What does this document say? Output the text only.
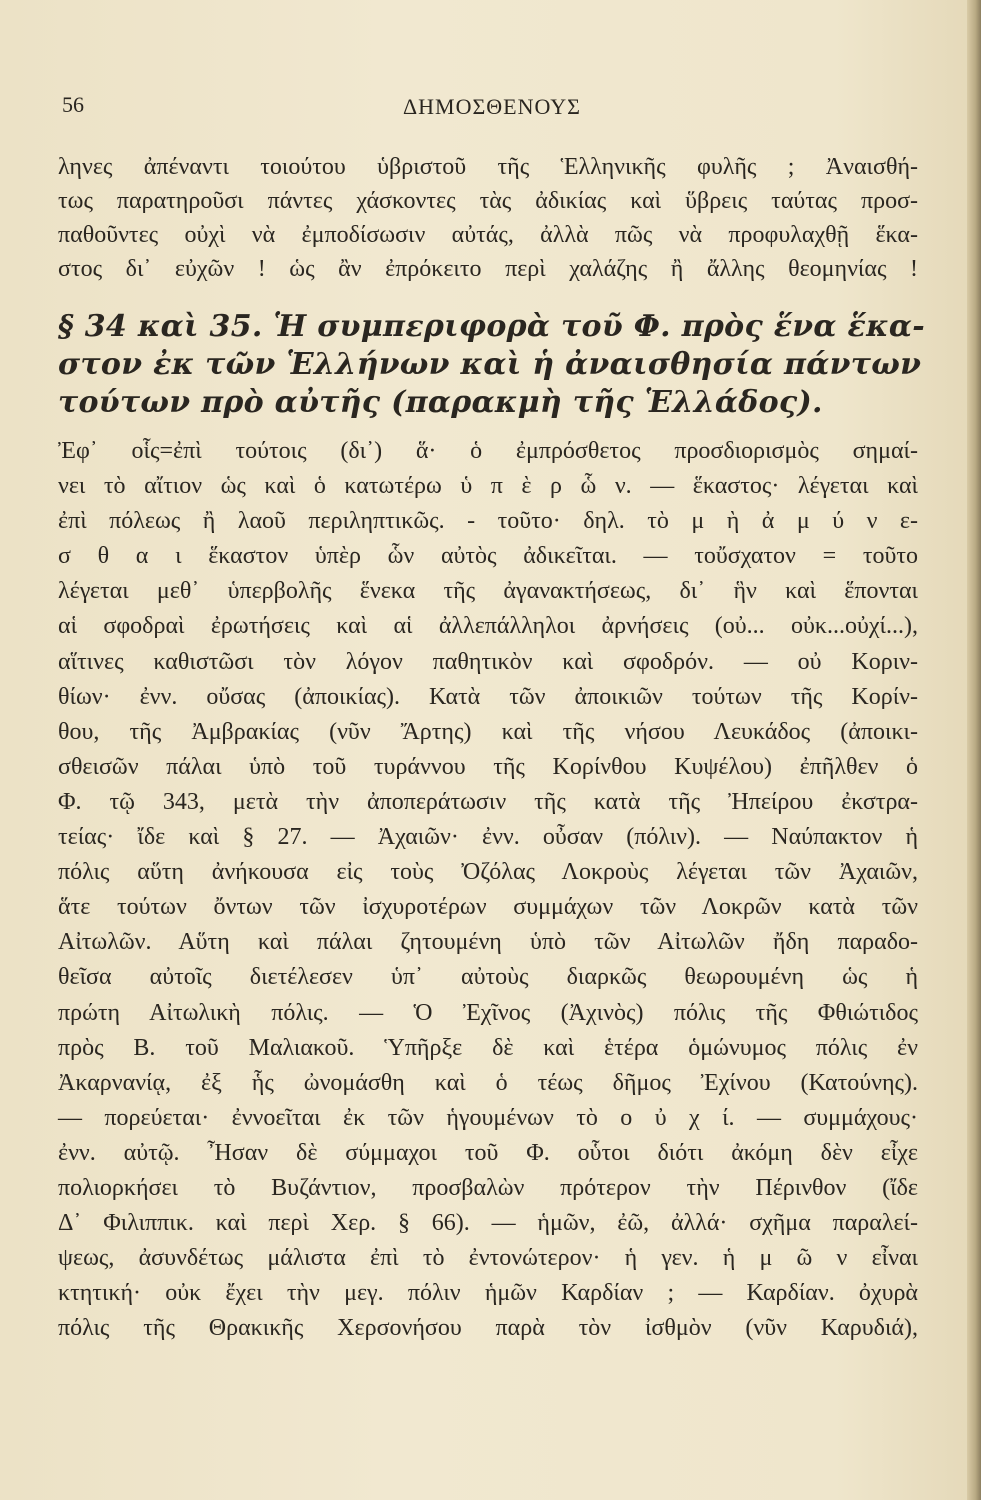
56	ΔΗΜΟΣΘΕΝΟΥΣ
ληνες ἀπέναντι τοιούτου ὑβριστοῦ τῆς Ἑλληνικῆς φυλῆς ; Ἀναισθή-
τως παρατηροῦσι πάντες χάσκοντες τὰς ἀδικίας καὶ ὕβρεις ταύτας προσ-
παθοῦντες οὐχὶ νὰ ἐμποδίσωσιν αὐτάς, ἀλλὰ πῶς νὰ προφυλαχθῇ ἕκα-
στος δι᾿ εὐχῶν ! ὡς ἂν ἐπρόκειτο περὶ χαλάζης ἢ ἄλλης θεομηνίας !
§ 34 καὶ 35. Ἡ συμπεριφορὰ τοῦ Φ. πρὸς ἕνα ἕκα-
στον ἐκ τῶν Ἑλλήνων καὶ ἡ ἀναισθησία πάντων
τούτων πρὸ αὐτῆς (παρακμὴ τῆς Ἑλλάδος).
Ἐφ᾿ οἷς=ἐπὶ τούτοις (δι᾿) ἅ· ὁ ἐμπρόσθετος προσδιορισμὸς σημαί-
νει τὸ αἴτιον ὡς καὶ ὁ κατωτέρω ὑ π ὲ ρ ὧ ν. — ἕκαστος· λέγεται καὶ
ἐπὶ πόλεως ἢ λαοῦ περιληπτικῶς. - τοῦτο· δηλ. τὸ μ ὴ ἀ μ ύ ν ε-
σ θ α ι ἕκαστον ὑπὲρ ὧν αὐτὸς ἀδικεῖται. — τοὔσχατον = τοῦτο
λέγεται μεθ᾿ ὑπερβολῆς ἕνεκα τῆς ἀγανακτήσεως, δι᾿ ἣν καὶ ἕπονται
αἱ σφοδραὶ ἐρωτήσεις καὶ αἱ ἀλλεπάλληλοι ἀρνήσεις (οὐ... οὐκ...οὐχί...),
αἵτινες καθιστῶσι τὸν λόγον παθητικὸν καὶ σφοδρόν. — οὐ Κοριν-
θίων· ἐνν. οὔσας (ἀποικίας). Κατὰ τῶν ἀποικιῶν τούτων τῆς Κορίν-
θου, τῆς Ἀμβρακίας (νῦν Ἄρτης) καὶ τῆς νήσου Λευκάδος (ἀποικι-
σθεισῶν πάλαι ὑπὸ τοῦ τυράννου τῆς Κορίνθου Κυψέλου) ἐπῆλθεν ὁ
Φ. τῷ 343, μετὰ τὴν ἀποπεράτωσιν τῆς κατὰ τῆς Ἠπείρου ἐκστρα-
τείας· ἴδε καὶ § 27. — Ἀχαιῶν· ἐνν. οὖσαν (πόλιν). — Ναύπακτον ἡ
πόλις αὕτη ἀνήκουσα εἰς τοὺς Ὀζόλας Λοκροὺς λέγεται τῶν Ἀχαιῶν,
ἅτε τούτων ὄντων τῶν ἰσχυροτέρων συμμάχων τῶν Λοκρῶν κατὰ τῶν
Αἰτωλῶν. Αὕτη καὶ πάλαι ζητουμένη ὑπὸ τῶν Αἰτωλῶν ἤδη παραδο-
θεῖσα αὐτοῖς διετέλεσεν ὑπ᾿ αὐτοὺς διαρκῶς θεωρουμένη ὡς ἡ
πρώτη Αἰτωλικὴ πόλις. — Ὁ Ἐχῖνος (Ἀχινὸς) πόλις τῆς Φθιώτιδος
πρὸς Β. τοῦ Μαλιακοῦ. Ὑπῆρξε δὲ καὶ ἑτέρα ὁμώνυμος πόλις ἐν
Ἀκαρνανίᾳ, ἐξ ἧς ὠνομάσθη καὶ ὁ τέως δῆμος Ἐχίνου (Κατούνης).
— πορεύεται· ἐννοεῖται ἐκ τῶν ἡγουμένων τὸ ο ὐ χ ί. — συμμάχους·
ἐνν. αὐτῷ. Ἦσαν δὲ σύμμαχοι τοῦ Φ. οὗτοι διότι ἀκόμη δὲν εἶχε
πολιορκήσει τὸ Βυζάντιον, προσβαλὼν πρότερον τὴν Πέρινθον (ἴδε
Δ᾿ Φιλιππικ. καὶ περὶ Χερ. § 66). — ἡμῶν, ἐῶ, ἀλλά· σχῆμα παραλεί-
ψεως, ἀσυνδέτως μάλιστα ἐπὶ τὸ ἐντονώτερον· ἡ γεν. ἡ μ ῶ ν εἶναι
κτητική· οὐκ ἔχει τὴν μεγ. πόλιν ἡμῶν Καρδίαν ; — Καρδίαν. ὀχυρὰ
πόλις τῆς Θρακικῆς Χερσονήσου παρὰ τὸν ἰσθμὸν (νῦν Καρυδιά),
